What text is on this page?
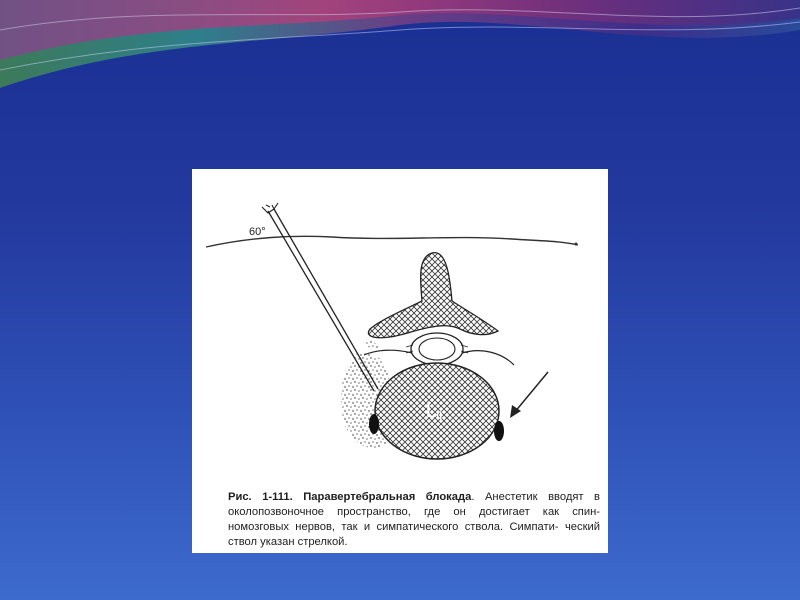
60°
LII
Рис. 1-111. Паравертебральная блокада. Анестетик вводят в околопозвоночное пространство, где он достигает как спин- номозговых нервов, так и симпатического ствола. Симпати- ческий ствол указан стрелкой.
